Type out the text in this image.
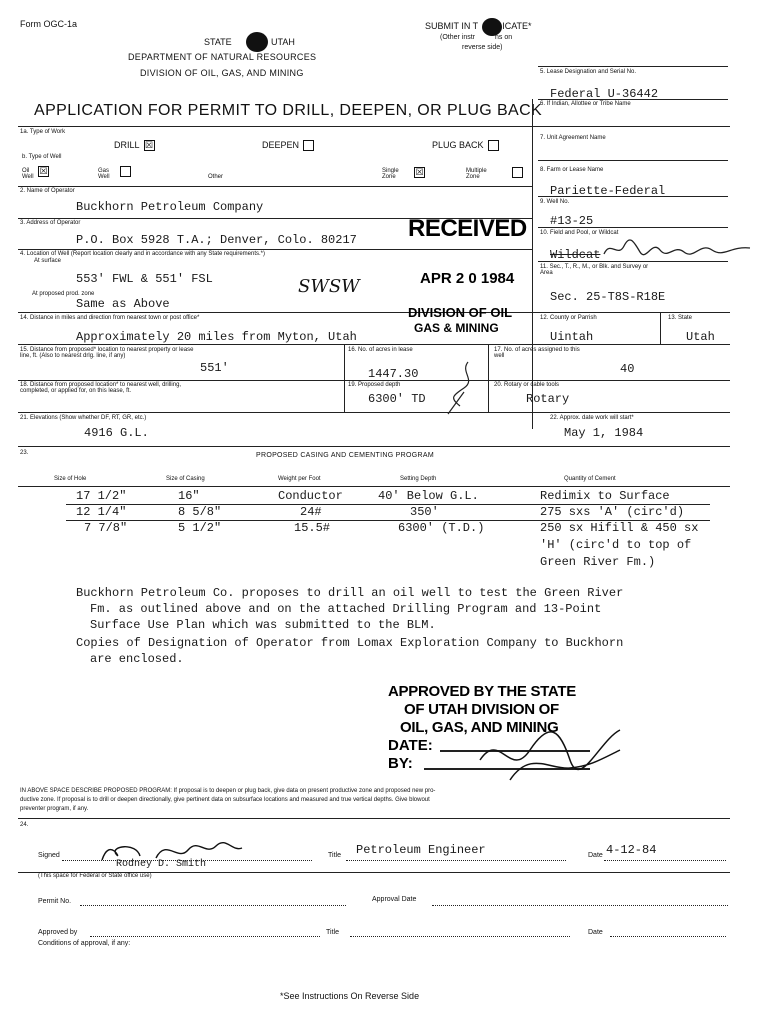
Form OGC-1a
STATE	UTAH
DEPARTMENT OF NATURAL RESOURCES
DIVISION OF OIL, GAS, AND MINING
SUBMIT IN T	ICATE*
(Other instr	ns on
reverse side)
5. Lease Designation and Serial No.
Federal U-36442
6. If Indian, Allottee or Tribe Name
APPLICATION FOR PERMIT TO DRILL, DEEPEN, OR PLUG BACK
1a. Type of Work
DRILL ☒	DEEPEN	PLUG BACK
7. Unit Agreement Name
b. Type of Well
Oil Well
☒	Gas Well	Other
Single Zone	☒	Multiple Zone
8. Farm or Lease Name
Pariette-Federal
2. Name of Operator
Buckhorn Petroleum Company	9. Well No.
#13-25
3. Address of Operator
P.O. Box 5928 T.A.; Denver, Colo. 80217 RECEIVED 10. Field and Pool, or Wildcat
Wildcat
4. Location of Well (Report location clearly and in accordance with any State requirements.*)
At surface
553' FWL & 551' FSL	SWSW	APR 2 0 1984
At proposed prod. zone
Same as Above
11. Sec., T., R., M., or Blk. and Survey or Area
Sec. 25-T8S-R18E
14. Distance in miles and direction from nearest town or post office*
Approximately 20 miles from Myton, Utah
DIVISION OF OIL
GAS & MINING
12. County or Parrish	13. State
Uintah	Utah
15. Distance from proposed* location to nearest property or lease line, ft. (Also to nearest drlg. line, if any)
551'
16. No. of acres in lease
1447.30
17. No. of acres assigned to this well
40
18. Distance from proposed location* to nearest well, drilling, completed, or applied for, on this lease, ft.
19. Proposed depth
6300' TD
20. Rotary or cable tools
Rotary
21. Elevations (Show whether DF, RT, GR, etc.)
4916 G.L.
22. Approx. date work will start*
May 1, 1984
23.	PROPOSED CASING AND CEMENTING PROGRAM
Size of Hole	Size of Casing	Weight per Foot	Setting Depth	Quantity of Cement
17 1/2"	16"	Conductor	40' Below G.L.	Redimix to Surface
12 1/4"	8 5/8"	24#	350'	275 sxs 'A' (circ'd)
7 7/8"	5 1/2"	15.5#	6300' (T.D.)	250 sx Hifill & 450 sx
'H' (circ'd to top of
Green River Fm.)
Buckhorn Petroleum Co. proposes to drill an oil well to test the Green River
Fm. as outlined above and on the attached Drilling Program and 13-Point
Surface Use Plan which was submitted to the BLM.
Copies of Designation of Operator from Lomax Exploration Company to Buckhorn
are enclosed.
APPROVED BY THE STATE
OF UTAH DIVISION OF
OIL, GAS, AND MINING
DATE:
BY:
IN ABOVE SPACE DESCRIBE PROPOSED PROGRAM: If proposal is to deepen or plug back, give data on present productive zone and proposed new pro-
ductive zone. If proposal is to drill or deepen directionally, give pertinent data on subsurface locations and measured and true vertical depths. Give blowout
preventer program, if any.
24.
Signed
Rodney D. Smith
Title Petroleum Engineer	Date 4-12-84
(This space for Federal or State office use)
Permit No.	Approval Date
Approved by	Title	Date
Conditions of approval, if any:
*See Instructions On Reverse Side
